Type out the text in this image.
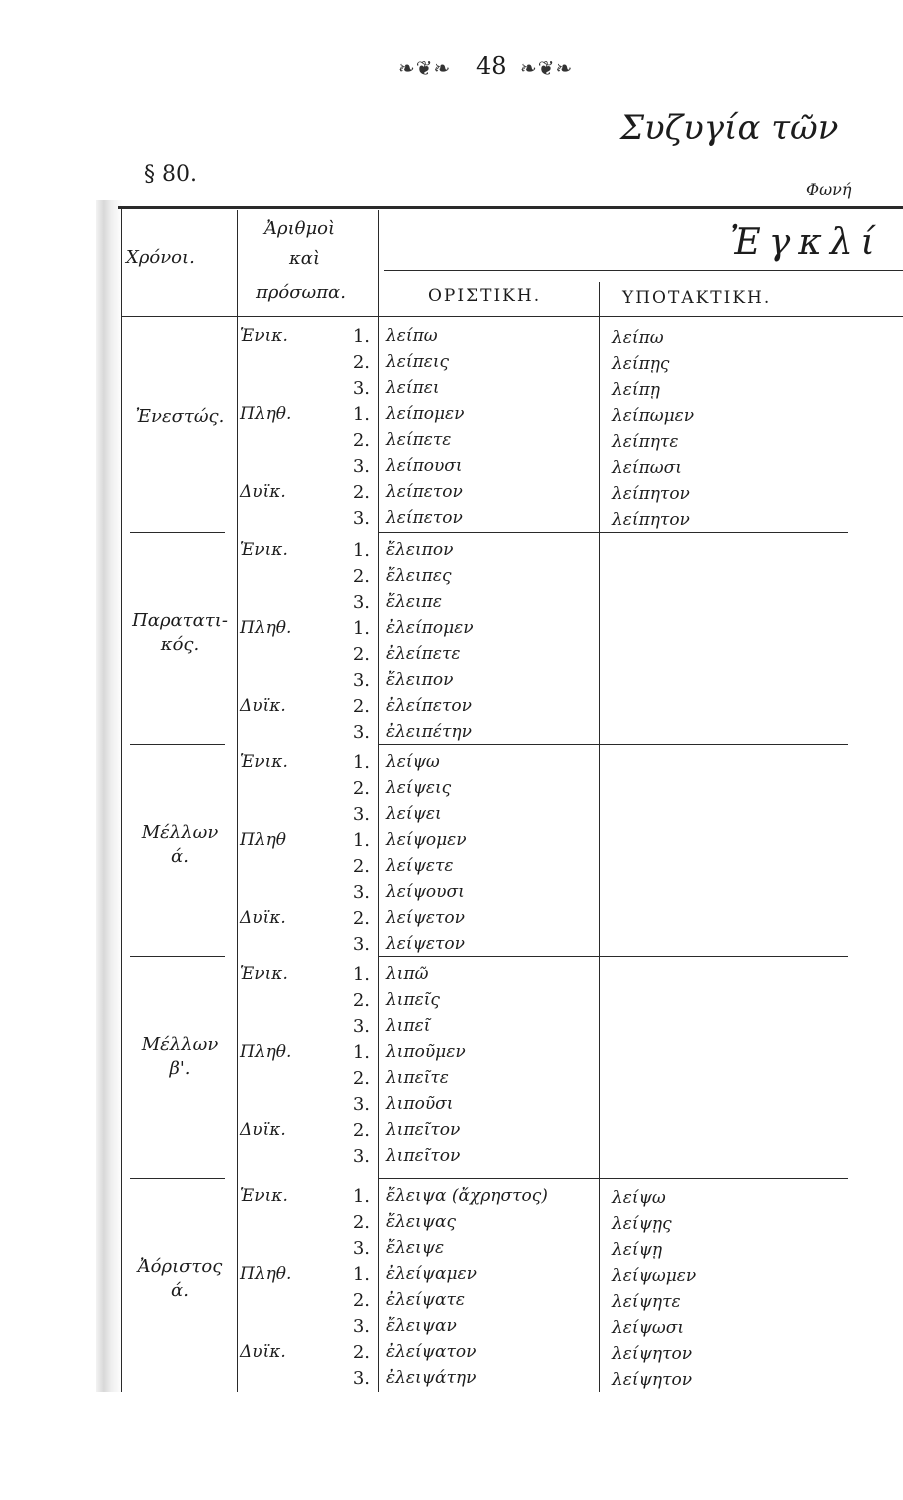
❧❦❧ 48 ❧❦❧
Συζυγία τῶν
§ 80.
Φωνή
Χρόνοι.
Ἀριθμοὶ
καὶ
πρόσωπα.
Ἐγκλί
ΟΡΙΣΤΙΚΗ.	ΥΠΟΤΑΚΤΙΚΗ.
Ἐνεστώς.
Ἑνικ.	1. λείπω	λείπω
2. λείπεις	λείπῃς
3. λείπει	λείπῃ
Πληθ.	1. λείπομεν	λείπωμεν
2. λείπετε	λείπητε
3. λείπουσι	λείπωσι
Δυϊκ.	2. λείπετον	λείπητον
3. λείπετον	λείπητον
Παρατατι-
κός.
Ἑνικ.	1. ἔλειπον
2. ἔλειπες
3. ἔλειπε
Πληθ.	1. ἐλείπομεν
2. ἐλείπετε
3. ἔλειπον
Δυϊκ.	2. ἐλείπετον
3. ἐλειπέτην
Μέλλων
ά.
Ἑνικ.	1. λείψω
2. λείψεις
3. λείψει
Πληθ	1. λείψομεν
2. λείψετε
3. λείψουσι
Δυϊκ.	2. λείψετον
3. λείψετον
Μέλλων
β'.
Ἑνικ.	1. λιπῶ
2. λιπεῖς
3. λιπεῖ
Πληθ.	1. λιποῦμεν
2. λιπεῖτε
3. λιποῦσι
Δυϊκ.	2. λιπεῖτον
3. λιπεῖτον
Ἀόριστος
ά.
Ἑνικ.	1. ἔλειψα (ἄχρηστος)	λείψω
2. ἔλειψας	λείψῃς
3. ἔλειψε	λείψῃ
Πληθ.	1. ἐλείψαμεν	λείψωμεν
2. ἐλείψατε	λείψητε
3. ἔλειψαν	λείψωσι
Δυϊκ.	2. ἐλείψατον	λείψητον
3. ἐλειψάτην	λείψητον
